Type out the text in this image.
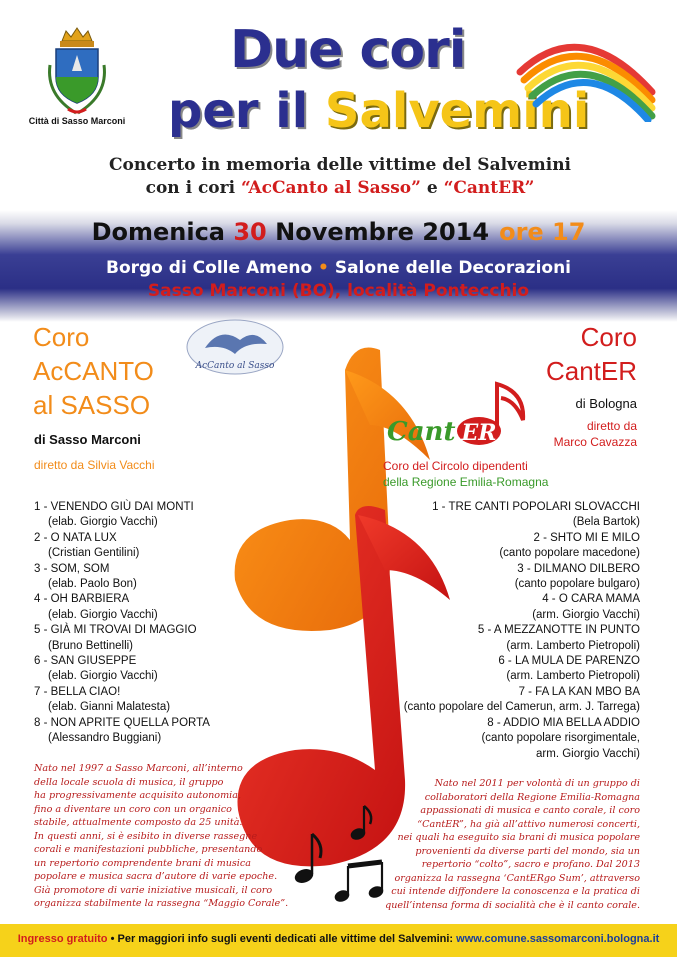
Città di Sasso Marconi
Due cori
per il Salvemini
Concerto in memoria delle vittime del Salvemini
con i cori “AcCanto al Sasso” e “CantER”
Domenica 30 Novembre 2014 ore 17
Borgo di Colle Ameno • Salone delle Decorazioni
Sasso Marconi (BO), località Pontecchio
Coro
AcCANTO
al SASSO
AcCanto al Sasso
di Sasso Marconi
diretto da Silvia Vacchi
1 - VENENDO GIÙ DAI MONTI
(elab. Giorgio Vacchi)
2 - O NATA LUX
(Cristian Gentilini)
3 - SOM, SOM
(elab. Paolo Bon)
4 - OH BARBIERA
(elab. Giorgio Vacchi)
5 - GIÀ MI TROVAI DI MAGGIO
(Bruno Bettinelli)
6 - SAN GIUSEPPE
(elab. Giorgio Vacchi)
7 - BELLA CIAO!
(elab. Gianni Malatesta)
8 - NON APRITE QUELLA PORTA
(Alessandro Buggiani)
Nato nel 1997 a Sasso Marconi, all’interno
della locale scuola di musica, il gruppo
ha progressivamente acquisito autonomia,
fino a diventare un coro con un organico
stabile, attualmente composto da 25 unità.
In questi anni, si è esibito in diverse rassegne
corali e manifestazioni pubbliche, presentando
un repertorio comprendente brani di musica
popolare e musica sacra d’autore di varie epoche.
Già promotore di varie iniziative musicali, il coro
organizza stabilmente la rassegna “Maggio Corale”.
Coro
CantER
di Bologna
diretto da
Marco Cavazza
Cant ER
Coro del Circolo dipendenti
della Regione Emilia-Romagna
1 - TRE CANTI POPOLARI SLOVACCHI
(Bela Bartok)
2 - SHTO MI E MILO
(canto popolare macedone)
3 - DILMANO DILBERO
(canto popolare bulgaro)
4 - O CARA MAMA
(arm. Giorgio Vacchi)
5 - A MEZZANOTTE IN PUNTO
(arm. Lamberto Pietropoli)
6 - LA MULA DE PARENZO
(arm. Lamberto Pietropoli)
7 - FA LA KAN MBO BA
(canto popolare del Camerun, arm. J. Tarrega)
8 - ADDIO MIA BELLA ADDIO
(canto popolare risorgimentale,
arm. Giorgio Vacchi)
Nato nel 2011 per volontà di un gruppo di
collaboratori della Regione Emilia-Romagna
appassionati di musica e canto corale, il coro
“CantER”, ha già all’attivo numerosi concerti,
nei quali ha eseguito sia brani di musica popolare
provenienti da diverse parti del mondo, sia un
repertorio “colto”, sacro e profano. Dal 2013
organizza la rassegna ‘CantERgo Sum’, attraverso
cui intende diffondere la conoscenza e la pratica di
quell’intensa forma di socialità che è il canto corale.
Ingresso gratuito • Per maggiori info sugli eventi dedicati alle vittime del Salvemini: www.comune.sassomarconi.bologna.it
